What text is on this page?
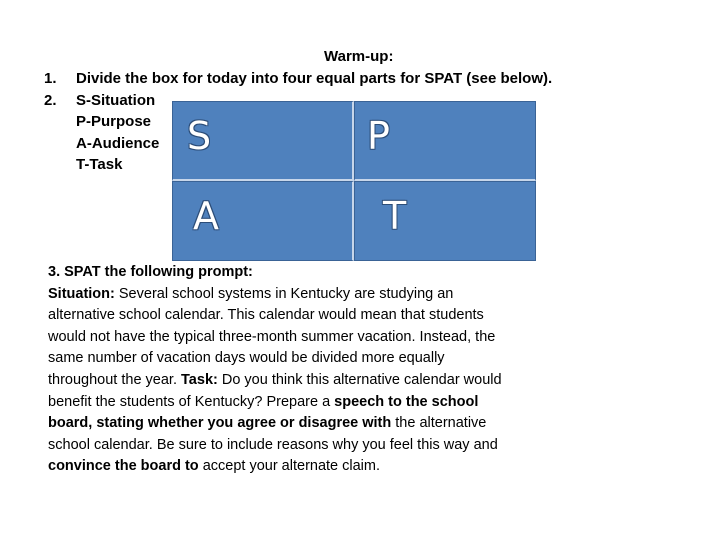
Warm-up:
1. Divide the box for today into four equal parts for SPAT (see below).
2. S-Situation
P-Purpose
A-Audience
T-Task
S	P
A	T
3. SPAT the following prompt:
Situation: Several school systems in Kentucky are studying an alternative school calendar. This calendar would mean that students would not have the typical three-month summer vacation. Instead, the same number of vacation days would be divided more equally throughout the year. Task: Do you think this alternative calendar would benefit the students of Kentucky? Prepare a speech to the school board, stating whether you agree or disagree with the alternative school calendar. Be sure to include reasons why you feel this way and convince the board to accept your alternate claim.
